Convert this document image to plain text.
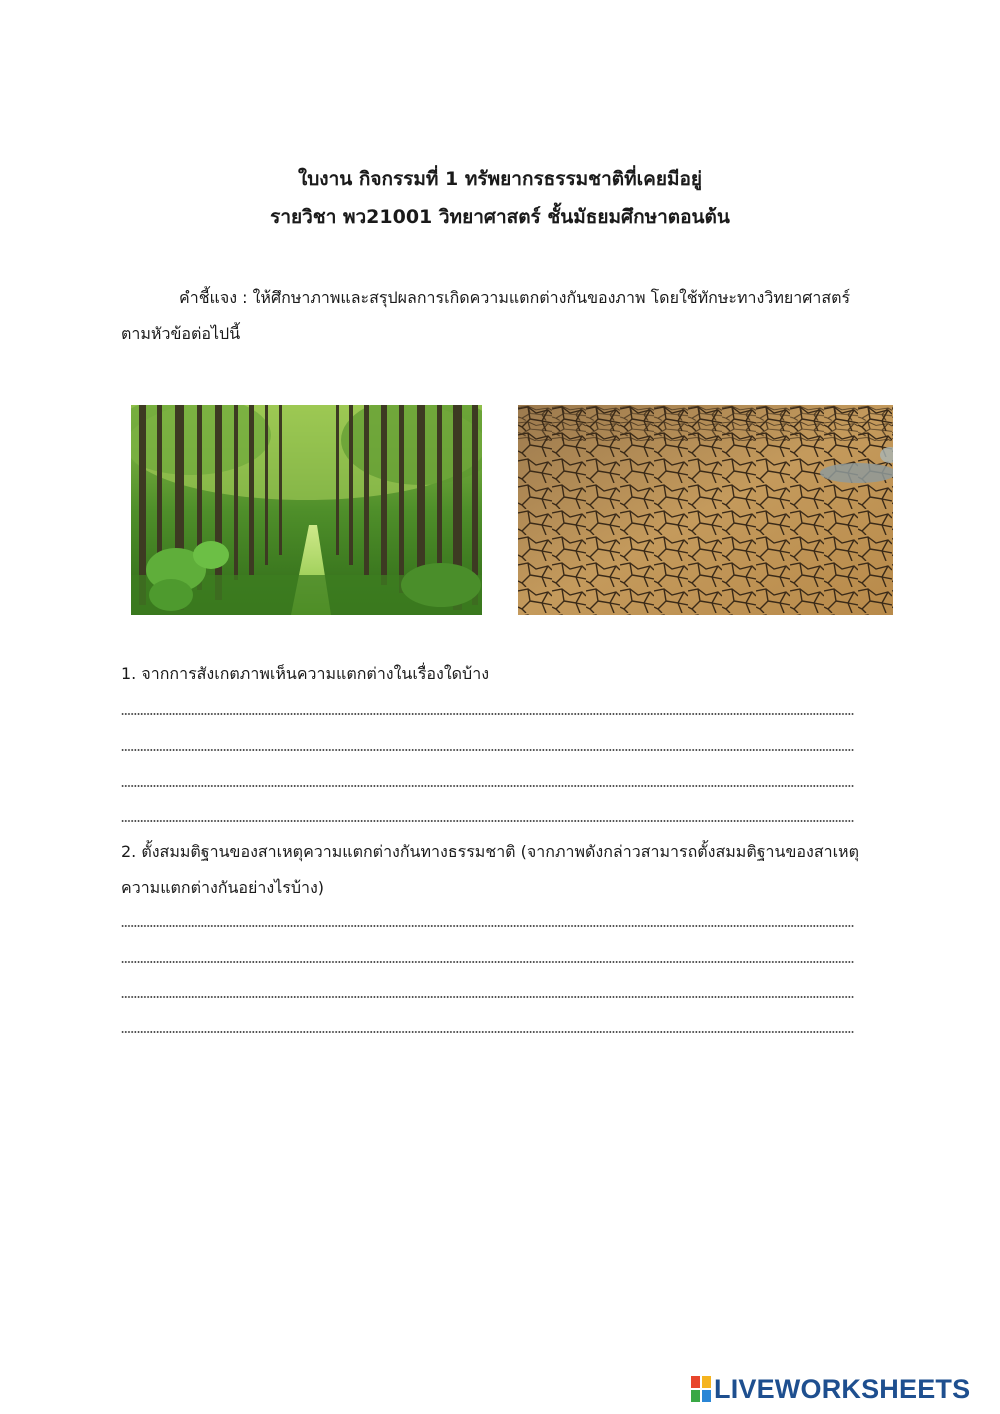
ใบงาน กิจกรรมที่ 1 ทรัพยากรธรรมชาติที่เคยมีอยู่
รายวิชา พว21001 วิทยาศาสตร์ ชั้นมัธยมศึกษาตอนต้น

คำชี้แจง : ให้ศึกษาภาพและสรุปผลการเกิดความแตกต่างกันของภาพ โดยใช้ทักษะทางวิทยาศาสตร์ ตามหัวข้อต่อไปนี้

1. จากการสังเกตภาพเห็นความแตกต่างในเรื่องใดบ้าง

2. ตั้งสมมติฐานของสาเหตุความแตกต่างกันทางธรรมชาติ (จากภาพดังกล่าวสามารถตั้งสมมติฐานของสาเหตุความแตกต่างกันอย่างไรบ้าง)

LIVEWORKSHEETS
